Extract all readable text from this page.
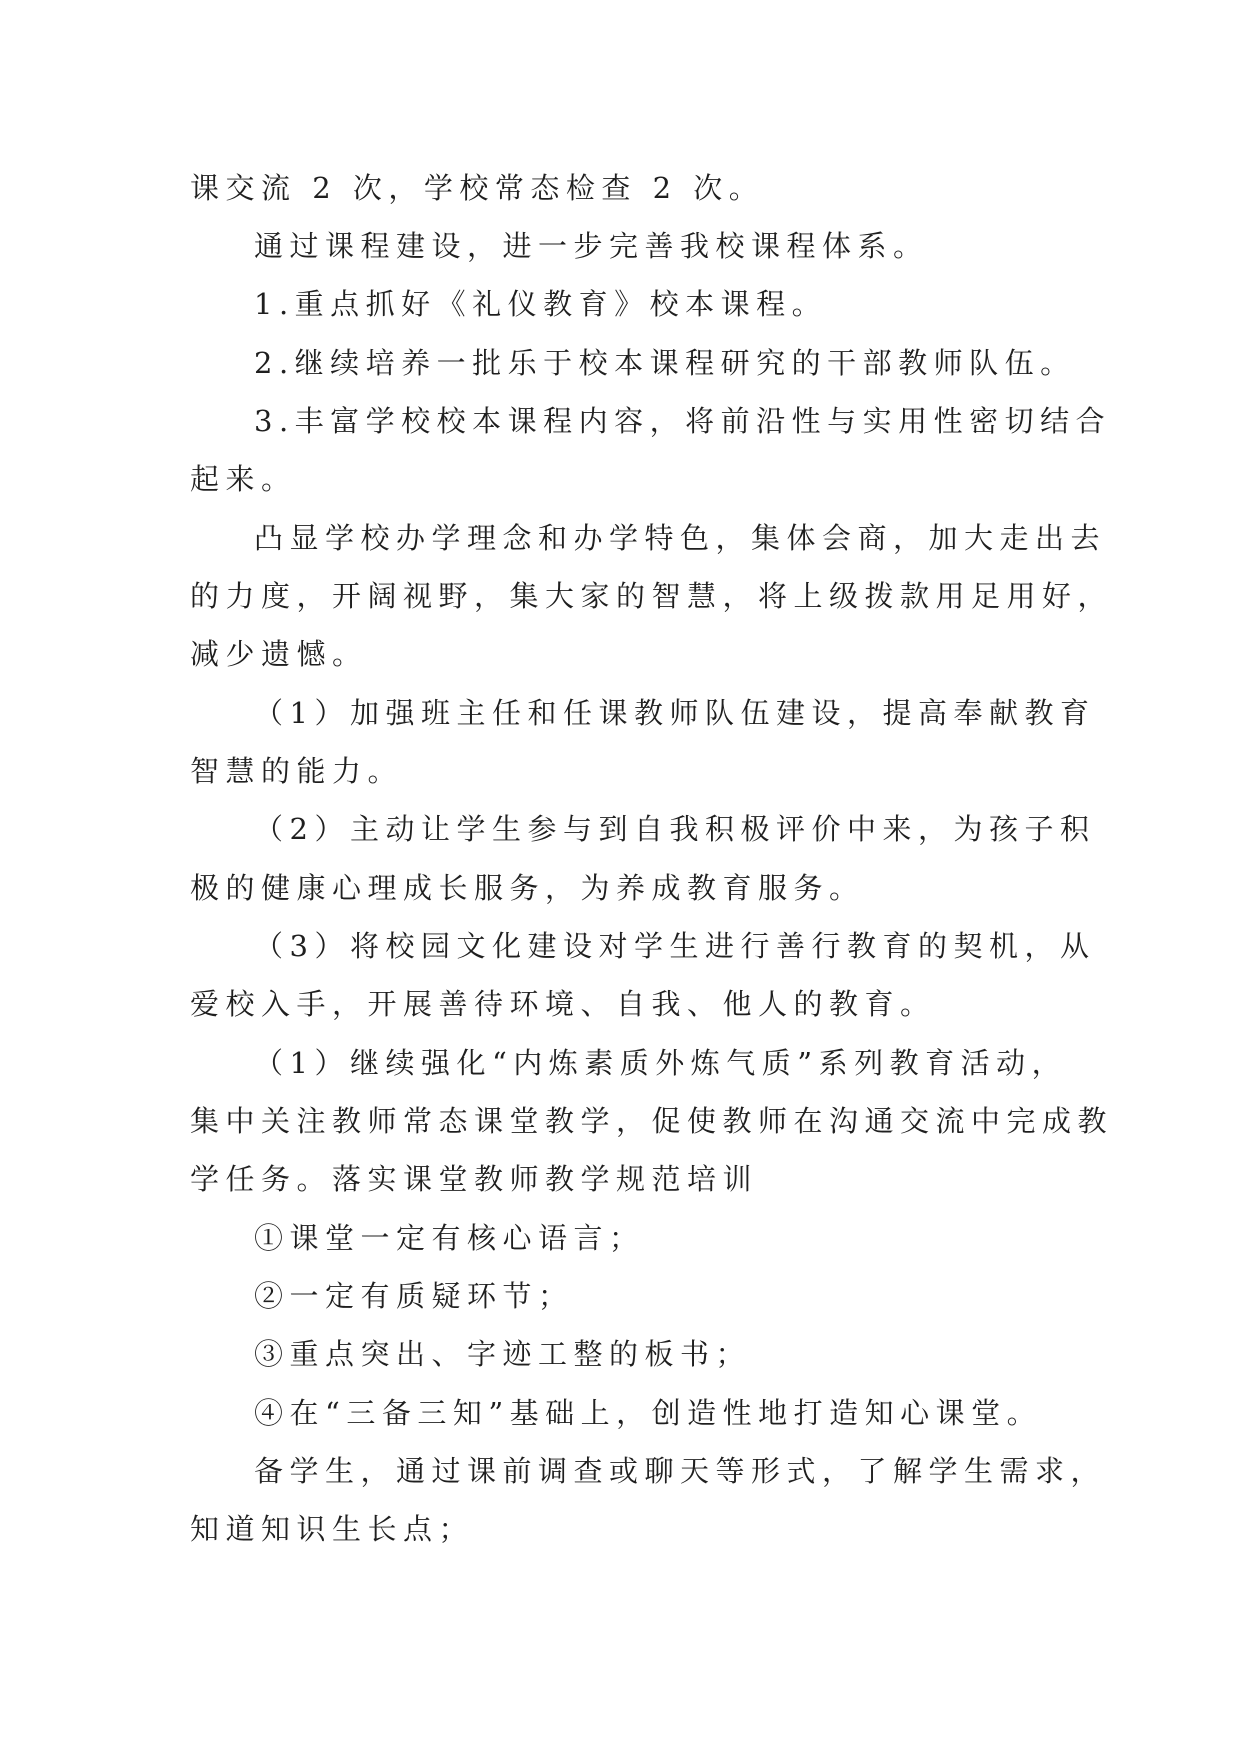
课交流 2 次，学校常态检查 2 次。
通过课程建设，进一步完善我校课程体系。
1.重点抓好《礼仪教育》校本课程。
2.继续培养一批乐于校本课程研究的干部教师队伍。
3.丰富学校校本课程内容，将前沿性与实用性密切结合
起来。
凸显学校办学理念和办学特色，集体会商，加大走出去
的力度，开阔视野，集大家的智慧，将上级拨款用足用好，
减少遗憾。
（1）加强班主任和任课教师队伍建设，提高奉献教育
智慧的能力。
（2）主动让学生参与到自我积极评价中来，为孩子积
极的健康心理成长服务，为养成教育服务。
（3）将校园文化建设对学生进行善行教育的契机，从
爱校入手，开展善待环境、自我、他人的教育。
（1）继续强化“内炼素质外炼气质”系列教育活动，
集中关注教师常态课堂教学，促使教师在沟通交流中完成教
学任务。落实课堂教师教学规范培训
①课堂一定有核心语言；
②一定有质疑环节；
③重点突出、字迹工整的板书；
④在“三备三知”基础上，创造性地打造知心课堂。
备学生，通过课前调查或聊天等形式，了解学生需求，
知道知识生长点；
